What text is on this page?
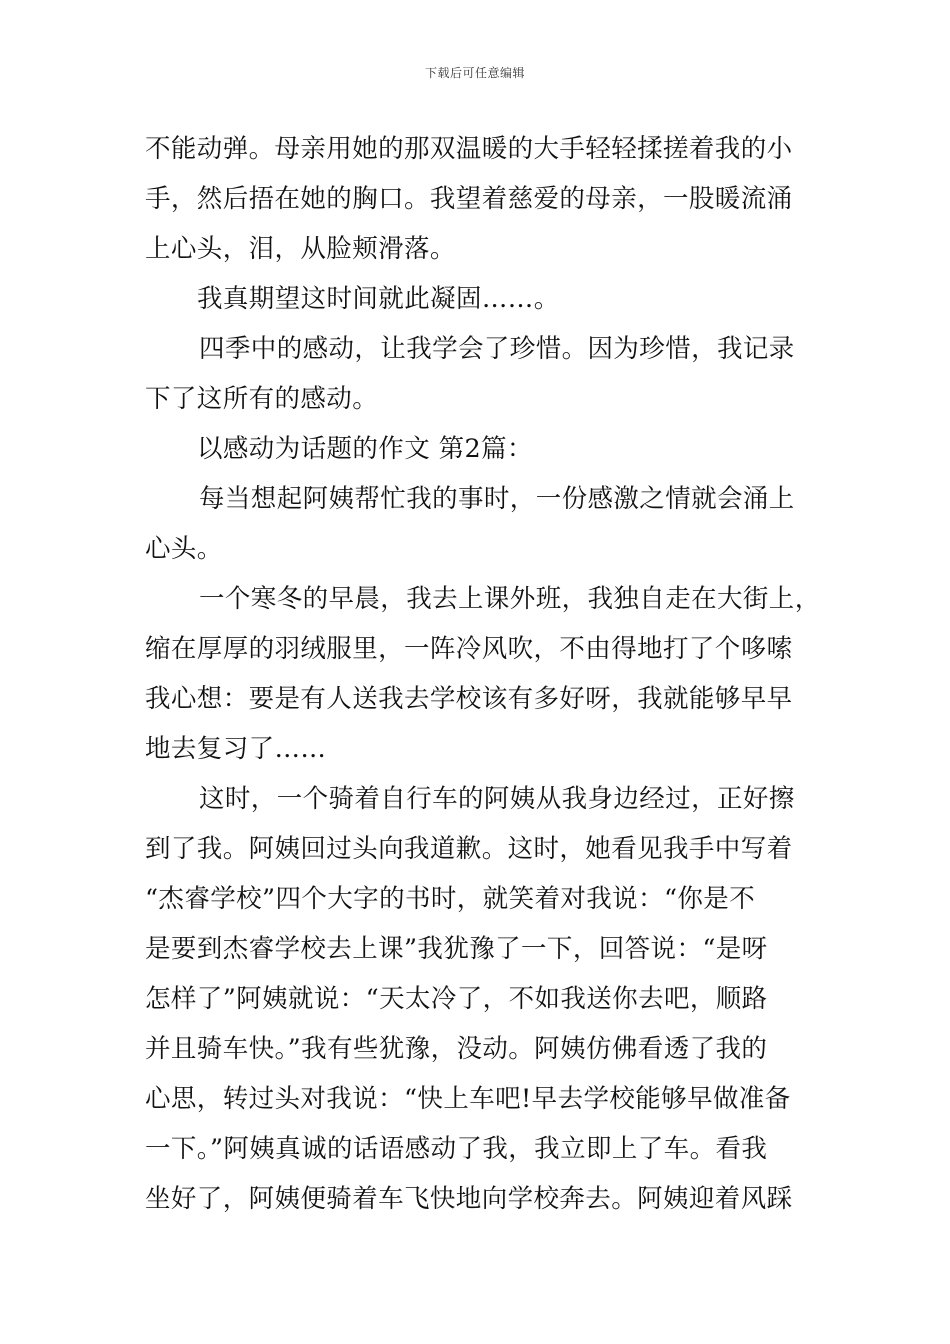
下载后可任意编辑
不能动弹。母亲用她的那双温暖的大手轻轻揉搓着我的小
手，然后捂在她的胸口。我望着慈爱的母亲，一股暖流涌
上心头，泪，从脸颊滑落。
我真期望这时间就此凝固……。
四季中的感动，让我学会了珍惜。因为珍惜，我记录
下了这所有的感动。
以感动为话题的作文 第2篇：
每当想起阿姨帮忙我的事时，一份感激之情就会涌上
心头。
一个寒冬的早晨，我去上课外班，我独自走在大街上，
缩在厚厚的羽绒服里，一阵冷风吹，不由得地打了个哆嗦
我心想：要是有人送我去学校该有多好呀，我就能够早早
地去复习了……
这时，一个骑着自行车的阿姨从我身边经过，正好擦
到了我。阿姨回过头向我道歉。这时，她看见我手中写着
“杰睿学校”四个大字的书时，就笑着对我说：“你是不
是要到杰睿学校去上课”我犹豫了一下，回答说：“是呀
怎样了”阿姨就说：“天太冷了，不如我送你去吧，顺路
并且骑车快。”我有些犹豫，没动。阿姨仿佛看透了我的
心思，转过头对我说：“快上车吧!早去学校能够早做准备
一下。”阿姨真诚的话语感动了我，我立即上了车。看我
坐好了，阿姨便骑着车飞快地向学校奔去。阿姨迎着风踩
